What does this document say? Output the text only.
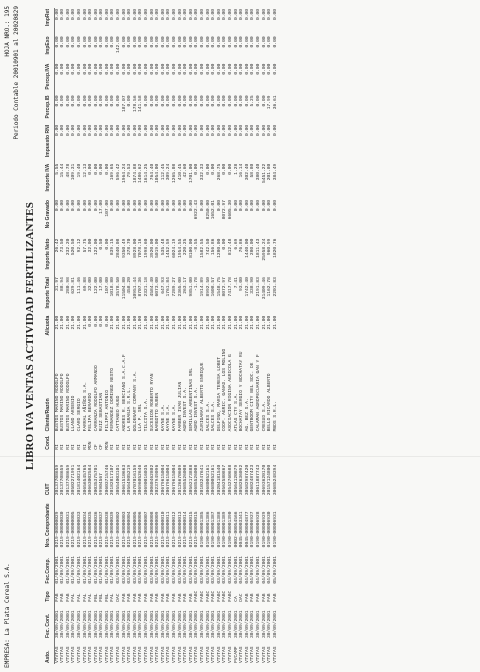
EMPRESA: La Plata Cereal S.A.
HOJA NRO.: 195 Periodo Contable 20010901 al 20020829
LIBRO IVA VENTAS ACTIVIDAD FERTILIZANTES
Asto.	Fec. Cont.	Tipo	Fec.Comp.	Nro. Comprobante	CUIT	Cond.	Cliente/Razón	Alícuota	Importe Total	Importe Neto	No Gravado	Importe IVA	Impuesto RNI	Percep.IB	Percep.IVA	ImpExo	ImpRet
VTVTAS	30/09/2001	FAB	01/09/2001	0219-00000029	20137708659	RI	BUSTOS MARINO RODOLFO	21.00	31.97	26.42	0.00	5.55	0.00	0.00	0.00	0.00	0.00
VTVTAS	30/09/2001	FAB	01/09/2001	0219-00000030	20137708659	RI	BUSTOS MARINO RODOLFO	21.00	88.94	73.50	0.00	15.44	0.00	0.00	0.00	0.00	0.00
VTVTAS	30/09/2001	FAB	01/09/2001	0219-00000031	20137708659	RI	BUSTOS MARINO RODOLFO	21.00	280.98	232.20	0.00	48.78	0.00	0.00	0.00	0.00	0.00
VTVTAS	30/09/2001	FAL	01/09/2001	0219-00000005	30502271991	RI	LLANO ARSENIO	21.00	629.81	520.50	0.00	109.31	0.00	0.00	0.00	0.00	0.00
VTVTAS	30/09/2001	FAL	01/09/2001	0219-00000033	20181402164	RI	CLARO SERGIO	21.00	111.46	92.12	0.00	19.40	0.00	0.00	0.00	0.00	0.00
VTVTAS	30/09/2001	FAL	01/09/2001	0219-00000034	30656545765	RI	FARRAL AÑIÑOS S.A.	21.00	69.88	57.75	0.00	12.13	0.00	0.00	0.00	0.00	0.00
VTVTAS	30/09/2001	FAL	01/09/2001	0219-00000035	30663002584	MON	FELIPA BERARDO	0.00	32.00	32.00	0.00	0.00	0.00	0.00	0.00	0.00	0.00
VTVTAS	30/09/2001	FBL	01/09/2001	0219-00000036	20035375701	CF	CARRANZA RODOLFO ARMANDO	0.00	122.00	122.00	0.00	0.00	0.00	0.00	0.00	0.00	0.00
VTVTAS	30/09/2001	FBL	01/09/2001	0219-00000037	99904567	CF	RUIZ SEBASTIAN	0.00	17.00	0.50	17.00	0.00	0.00	0.00	0.00	0.00	0.00
VTVTAS	30/09/2001	FBL	01/09/2001	0219-00000038	20603715746	MON	FILIPPI ANTONIO	0.00	107.00	0.00	107.00	0.00	0.00	0.00	0.00	0.00	0.00
VTVTAS	30/09/2001	FAL	01/09/2001	0219-00000039	20182817107	RI	FERNANDEZ DOMINGO NESTO	21.00	1018.80	839.15	0.00	169.65	0.00	0.00	0.00	0.00	0.00
VTVTAS	30/09/2001	DAC	03/09/2001	0219-00000002	30554003101	RI	CATTANEO HUGO	21.00	3578.50	2840.08	0.00	596.42	0.00	0.00	0.00	142.00	0.00
VTVTAS	30/09/2001	FAB	03/09/2001	0219-00000003	30661510663	RI	ANDRES R. BERCIANO S.A.C.A.F	21.00	11504.80	9350.49	0.00	1964.24	0.00	187.07	0.00	0.00	0.00
VTVTAS	30/09/2001	FAB	03/09/2001	0219-00000004	30564905219	RI	LA GRANJA S.R.L.	21.00	458.20	378.70	0.00	79.53	0.00	0.00	0.00	0.00	0.00
VTVTAS	30/09/2001	FAB	03/09/2001	0219-00000005	30707016159	RI	GOLDENART COMPANY S.A.	21.00	10951.44	8928.00	0.00	1874.88	0.00	178.56	0.00	0.00	0.00
VTVTAS	30/09/2001	FAB	03/09/2001	0219-00000006	30696052646	RI	LLA P. SRL	21.00	8707.36	7078.16	0.00	1486.62	0.00	141.58	0.00	0.00	0.00
VTVTAS	30/09/2001	FAB	03/09/2001	0219-00000007	30690016035	RI	TILCITA S.A.	21.00	2321.18	1998.60	0.00	1614.25	0.00	0.00	0.00	0.00	0.00
VTVTAS	30/09/2001	FAB	03/09/2001	0219-00000008	20060462802	RI	SUCESION ROBERTO RYAN	21.00	4584.40	3920.00	0.00	764.40	0.00	0.00	0.00	0.00	0.00
VTVTAS	30/09/2001	FAB	03/09/2001	0219-00000009	20237949096	RI	BARGOTTO RUBEN	21.00	6073.00	5019.00	0.00	1054.00	0.00	0.00	0.00	0.00	0.00
VTVTAS	30/09/2001	FAB	03/09/2001	0219-00000010	20679615004	RI	KAYNE S.A.	21.00	647.93	535.48	0.00	112.45	0.00	0.00	0.00	0.00	0.00
VTVTAS	30/09/2001	FAB	03/09/2001	0219-00000011	20679615004	RI	KAYNE S.A.	21.00	1761.84	1452.59	0.00	309.24	0.00	0.00	0.00	0.00	0.00
VTVTAS	30/09/2001	FAB	03/09/2001	0219-00000012	20679615004	RI	KAYNE S.A.	21.00	7289.27	6024.19	0.00	1265.08	0.00	0.00	0.00	0.00	0.00
VTVTAS	30/09/2001	FAB	03/09/2001	0219-00000013	20126670609	RI	FARBER IVAN JULIAN	21.00	2365.00	1954.55	0.00	410.45	0.00	0.00	0.00	0.00	0.00
VTVTAS	30/09/2001	FAB	03/09/2001	0219-00000014	20685526008	RI	AGRO INVEST S.A.	21.00	263.17	220.25	0.00	42.60	0.00	0.00	0.00	0.00	0.00
VTVTAS	30/09/2001	FAB	03/09/2001	0219-00000015	30562173888	RI	SEMILLAS ARGENTINAS SRL	21.00	9851.00	8100.00	0.00	1701.00	0.00	0.00	0.00	0.00	0.00
VTVTAS	30/09/2001	FABC	03/09/2001	0219-00000015	30685526008	RI	AGRO INVEST S.A.	21.00	-1.78	-8.55	6922.43	0.00	0.00	0.00	0.00	0.00	0.00
VTVTAS	30/09/2001	FABC	03/09/2001	0190-00001385	20103247641	RI	ZURIGARAY ALBERTO ENRIQUE	21.00	1914.89	1582.55	0.00	332.33	0.00	0.00	0.00	0.00	0.00
VTVTAS	30/09/2001	FABC	03/09/2001	0190-00001386	30680052161	RI	SALCES S.A.	21.00	8992.50	742.50	8250.00	0.00	0.00	0.00	0.00	0.00	0.00
VTVTAS	30/09/2001	FABC	03/09/2001	0190-00001387	30680052161	RI	SALCES S.A.	21.00	1608.57	156.86	1652.01	0.00	0.00	0.00	0.00	0.00	0.00
VTVTAS	30/09/2001	FABC	03/09/2001	0190-00001388	20204181540	RI	DELFINO, MARIA TERESA LOBET	21.00	1548.75	1280.00	0.00	268.75	0.00	0.00	0.00	0.00	0.00
VTVTAS	30/09/2001	FABC	03/09/2001	0190-00001389	30562580867	RI	COOP. AGRIC. GANAD. LOS MOLINO	21.00	8072.97	0.00	8072.97	0.00	0.00	0.00	0.00	0.00	0.00
VTVTAS	30/09/2001	FABC	03/09/2001	0190-00001390	30542760688	RI	ASOCIACION RIGINA AGRICOLA G	21.00	7417.78	812.48	6605.30	0.00	0.00	0.00	0.00	0.00	0.00
PVCAMP	30/09/2001	CA	04/09/2001	0002-00054566	30564120879	RI	ATLAS CTY S.A.	21.00	7.41	6.69	0.00	1.28	0.00	0.00	0.00	0.00	0.00
VTVTAS	30/09/2001	DAC	04/09/2001	0045-00003341	30582636092	RI	BOCHATAY SERGIO Y BOCHATAY RU	21.00	93.00	76.86	0.00	16.14	0.00	0.00	0.00	0.00	0.00
VTVTAS	30/09/2001	FAB	04/09/2001	0045-00004877	30582987420	RI	AG. BEZ S.A.	21.00	1742.40	1440.00	0.00	302.40	0.00	0.00	0.00	0.00	0.00
VTVTAS	30/09/2001	FAB	04/09/2001	0190-00006927	30682487423	RI	GENTBOOM CITY BEL SOC. DE	21.00	338.90	280.00	0.00	58.80	0.00	5.25	0.00	0.00	0.00
VTVTAS	30/09/2001	FAB	04/09/2001	0190-00006928	30611887743	RI	CALAMAN AGROPECUARIA GAN Y F	21.00	2191.83	1811.43	0.00	380.40	0.00	0.00	0.00	0.00	0.00
VTVTAS	30/09/2001	FAB	04/09/2001	0190-00006929	30693620170	RI	CRESUD S.A.	21.00	31409.46	25958.24	0.00	5451.22	0.00	0.00	0.00	0.00	0.00
VTVTAS	30/09/2001	FAB	04/09/2001	0190-00006930	20157124800	RI	BELLO RICARDO ALBERTO	21.00	1162.78	960.99	0.00	201.80	0.00	17.99	0.00	0.00	0.00
VTVTAS	30/09/2001	FAB	05/09/2001	0190-00006931	30685248394	RI	MBDS S.R.L.	21.00	2201.83	1820.76	0.00	384.49	0.00	36.61	0.00	0.00	0.00
